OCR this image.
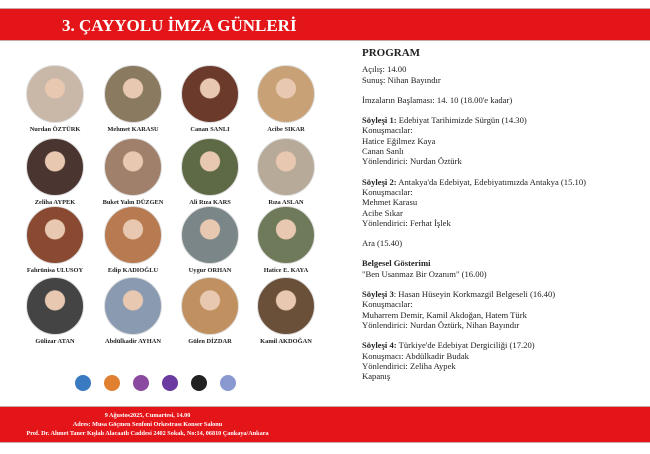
3. ÇAYYOLU İMZA GÜNLERİ
Nurdan ÖZTÜRK	Mehmet KARASU	Canan SANLI	Acibe SIKAR
Zeliha AYPEK	Buket Yalın DÜZGEN	Ali Rıza KARS	Rıza ASLAN
Fahrünisa ULUSOY	Edip KADIOĞLU	Uygur ORHAN	Hatice E. KAYA
Gülizar ATAN	Abdülkadir AYHAN	Gülen DİZDAR	Kamil AKDOĞAN
PROGRAM

Açılış: 14.00
Sunuş: Nihan Bayındır

İmzaların Başlaması: 14. 10 (18.00'e kadar)

Söyleşi 1: Edebiyat Tarihimizde Sürgün (14.30)
Konuşmacılar:
Hatice Eğilmez Kaya
Canan Sanlı
Yönlendirici: Nurdan Öztürk

Söyleşi 2: Antakya'da Edebiyat, Edebiyatımızda Antakya (15.10)
Konuşmacılar:
Mehmet Karasu
Acibe Sıkar
Yönlendirici: Ferhat İşlek

Ara (15.40)

Belgesel Gösterimi
"Ben Usanmaz Bir Ozanım" (16.00)

Söyleşi 3: Hasan Hüseyin Korkmazgil Belgeseli (16.40)
Konuşmacılar:
Muharrem Demir, Kamil Akdoğan, Hatem Türk
Yönlendirici: Nurdan Öztürk, Nihan Bayındır

Söyleşi 4: Türkiye'de Edebiyat Dergiciliği (17.20)
Konuşmacı: Abdülkadir Budak
Yönlendirici: Zeliha Aypek
Kapanış

9 Ağustos2025, Cumartesi, 14.00
Adres: Musa Göçmen Senfoni Orkestrası Konser Salonu
Prof. Dr. Ahmet Taner Kışlalı Alacaatlı Caddesi 2402 Sokak, No:14, 06810 Çankaya/Ankara
